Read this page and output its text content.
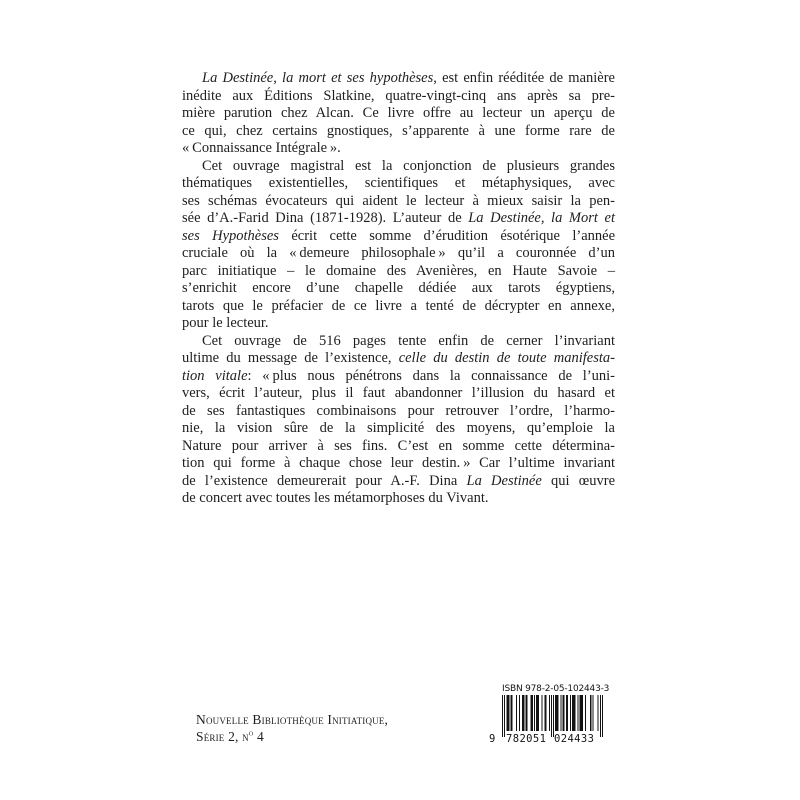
La Destinée, la mort et ses hypothèses, est enfin rééditée de manière
inédite aux Éditions Slatkine, quatre-vingt-cinq ans après sa pre-
mière parution chez Alcan. Ce livre offre au lecteur un aperçu de
ce qui, chez certains gnostiques, s’apparente à une forme rare de
« Connaissance Intégrale ».
Cet ouvrage magistral est la conjonction de plusieurs grandes
thématiques existentielles, scientifiques et métaphysiques, avec
ses schémas évocateurs qui aident le lecteur à mieux saisir la pen-
sée d’A.-Farid Dina (1871-1928). L’auteur de La Destinée, la Mort et
ses Hypothèses écrit cette somme d’érudition ésotérique l’année
cruciale où la « demeure philosophale » qu’il a couronnée d’un
parc initiatique – le domaine des Avenières, en Haute Savoie –
s’enrichit encore d’une chapelle dédiée aux tarots égyptiens,
tarots que le préfacier de ce livre a tenté de décrypter en annexe,
pour le lecteur.
Cet ouvrage de 516 pages tente enfin de cerner l’invariant
ultime du message de l’existence, celle du destin de toute manifesta-
tion vitale: « plus nous pénétrons dans la connaissance de l’uni-
vers, écrit l’auteur, plus il faut abandonner l’illusion du hasard et
de ses fantastiques combinaisons pour retrouver l’ordre, l’harmo-
nie, la vision sûre de la simplicité des moyens, qu’emploie la
Nature pour arriver à ses fins. C’est en somme cette détermina-
tion qui forme à chaque chose leur destin. » Car l’ultime invariant
de l’existence demeurerait pour A.-F. Dina La Destinée qui œuvre
de concert avec toutes les métamorphoses du Vivant.
Nouvelle Bibliothèque Initiatique,
Série 2, $n^o$ 4
ISBN 978-2-05-102443-3
9 782051 024433
